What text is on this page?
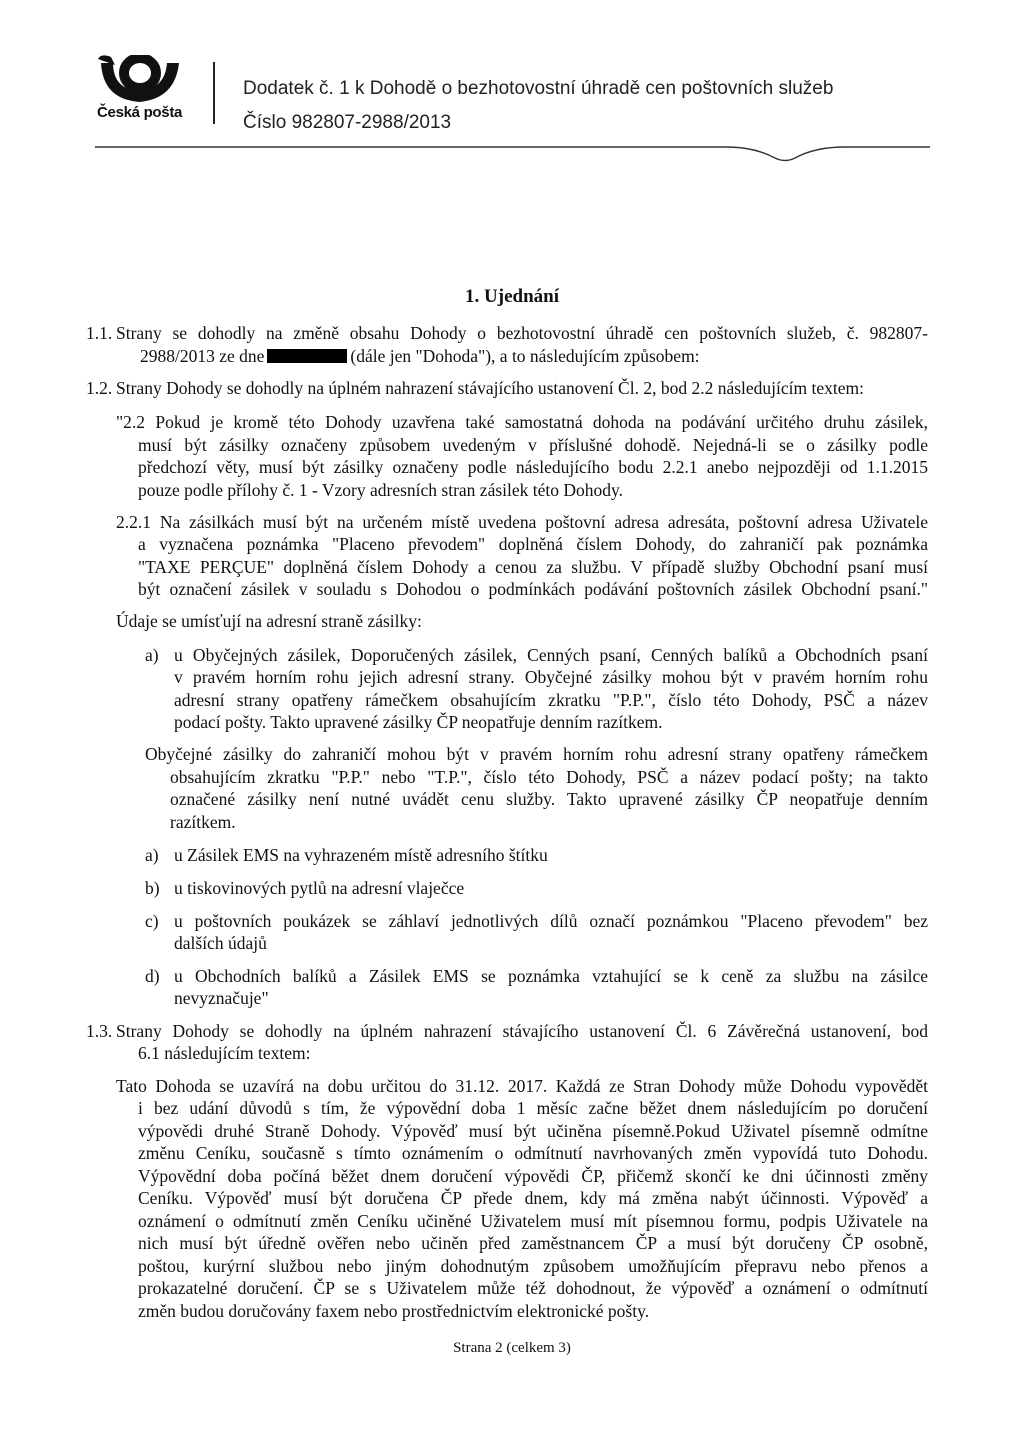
Česká pošta
Dodatek č. 1 k Dohodě o bezhotovostní úhradě cen poštovních služeb
Číslo 982807-2988/2013
1. Ujednání
1.1. Strany se dohodly na změně obsahu Dohody o bezhotovostní úhradě cen poštovních služeb, č. 982807-
2988/2013 ze dne	(dále jen "Dohoda"), a to následujícím způsobem:
1.2. Strany Dohody se dohodly na úplném nahrazení stávajícího ustanovení Čl. 2, bod 2.2 následujícím textem:
"2.2 Pokud je kromě této Dohody uzavřena také samostatná dohoda na podávání určitého druhu zásilek,
musí být zásilky označeny způsobem uvedeným v příslušné dohodě. Nejedná-li se o zásilky podle
předchozí věty, musí být zásilky označeny podle následujícího bodu 2.2.1 anebo nejpozději od 1.1.2015
pouze podle přílohy č. 1 - Vzory adresních stran zásilek této Dohody.
2.2.1 Na zásilkách musí být na určeném místě uvedena poštovní adresa adresáta, poštovní adresa Uživatele
a vyznačena poznámka "Placeno převodem" doplněná číslem Dohody, do zahraničí pak poznámka
"TAXE PERÇUE" doplněná číslem Dohody a cenou za službu. V případě služby Obchodní psaní musí
být označení zásilek v souladu s Dohodou o podmínkách podávání poštovních zásilek Obchodní psaní."
Údaje se umísťují na adresní straně zásilky:
a) u Obyčejných zásilek, Doporučených zásilek, Cenných psaní, Cenných balíků a Obchodních psaní
v pravém horním rohu jejich adresní strany. Obyčejné zásilky mohou být v pravém horním rohu
adresní strany opatřeny rámečkem obsahujícím zkratku "P.P.", číslo této Dohody, PSČ a název
podací pošty. Takto upravené zásilky ČP neopatřuje denním razítkem.
Obyčejné zásilky do zahraničí mohou být v pravém horním rohu adresní strany opatřeny rámečkem
obsahujícím zkratku "P.P." nebo "T.P.", číslo této Dohody, PSČ a název podací pošty; na takto
označené zásilky není nutné uvádět cenu služby. Takto upravené zásilky ČP neopatřuje denním
razítkem.
a) u Zásilek EMS na vyhrazeném místě adresního štítku
b) u tiskovinových pytlů na adresní vlaječce
c) u poštovních poukázek se záhlaví jednotlivých dílů označí poznámkou "Placeno převodem" bez
dalších údajů
d) u Obchodních balíků a Zásilek EMS se poznámka vztahující se k ceně za službu na zásilce
nevyznačuje"
1.3. Strany Dohody se dohodly na úplném nahrazení stávajícího ustanovení Čl. 6 Závěrečná ustanovení, bod
6.1 následujícím textem:
Tato Dohoda se uzavírá na dobu určitou do 31.12. 2017. Každá ze Stran Dohody může Dohodu vypovědět
i bez udání důvodů s tím, že výpovědní doba 1 měsíc začne běžet dnem následujícím po doručení
výpovědi druhé Straně Dohody. Výpověď musí být učiněna písemně.Pokud Uživatel písemně odmítne
změnu Ceníku, současně s tímto oznámením o odmítnutí navrhovaných změn vypovídá tuto Dohodu.
Výpovědní doba počíná běžet dnem doručení výpovědi ČP, přičemž skončí ke dni účinnosti změny
Ceníku. Výpověď musí být doručena ČP přede dnem, kdy má změna nabýt účinnosti. Výpověď a
oznámení o odmítnutí změn Ceníku učiněné Uživatelem musí mít písemnou formu, podpis Uživatele na
nich musí být úředně ověřen nebo učiněn před zaměstnancem ČP a musí být doručeny ČP osobně,
poštou, kurýrní službou nebo jiným dohodnutým způsobem umožňujícím přepravu nebo přenos a
prokazatelné doručení. ČP se s Uživatelem může též dohodnout, že výpověď a oznámení o odmítnutí
změn budou doručovány faxem nebo prostřednictvím elektronické pošty.
Strana 2 (celkem 3)
